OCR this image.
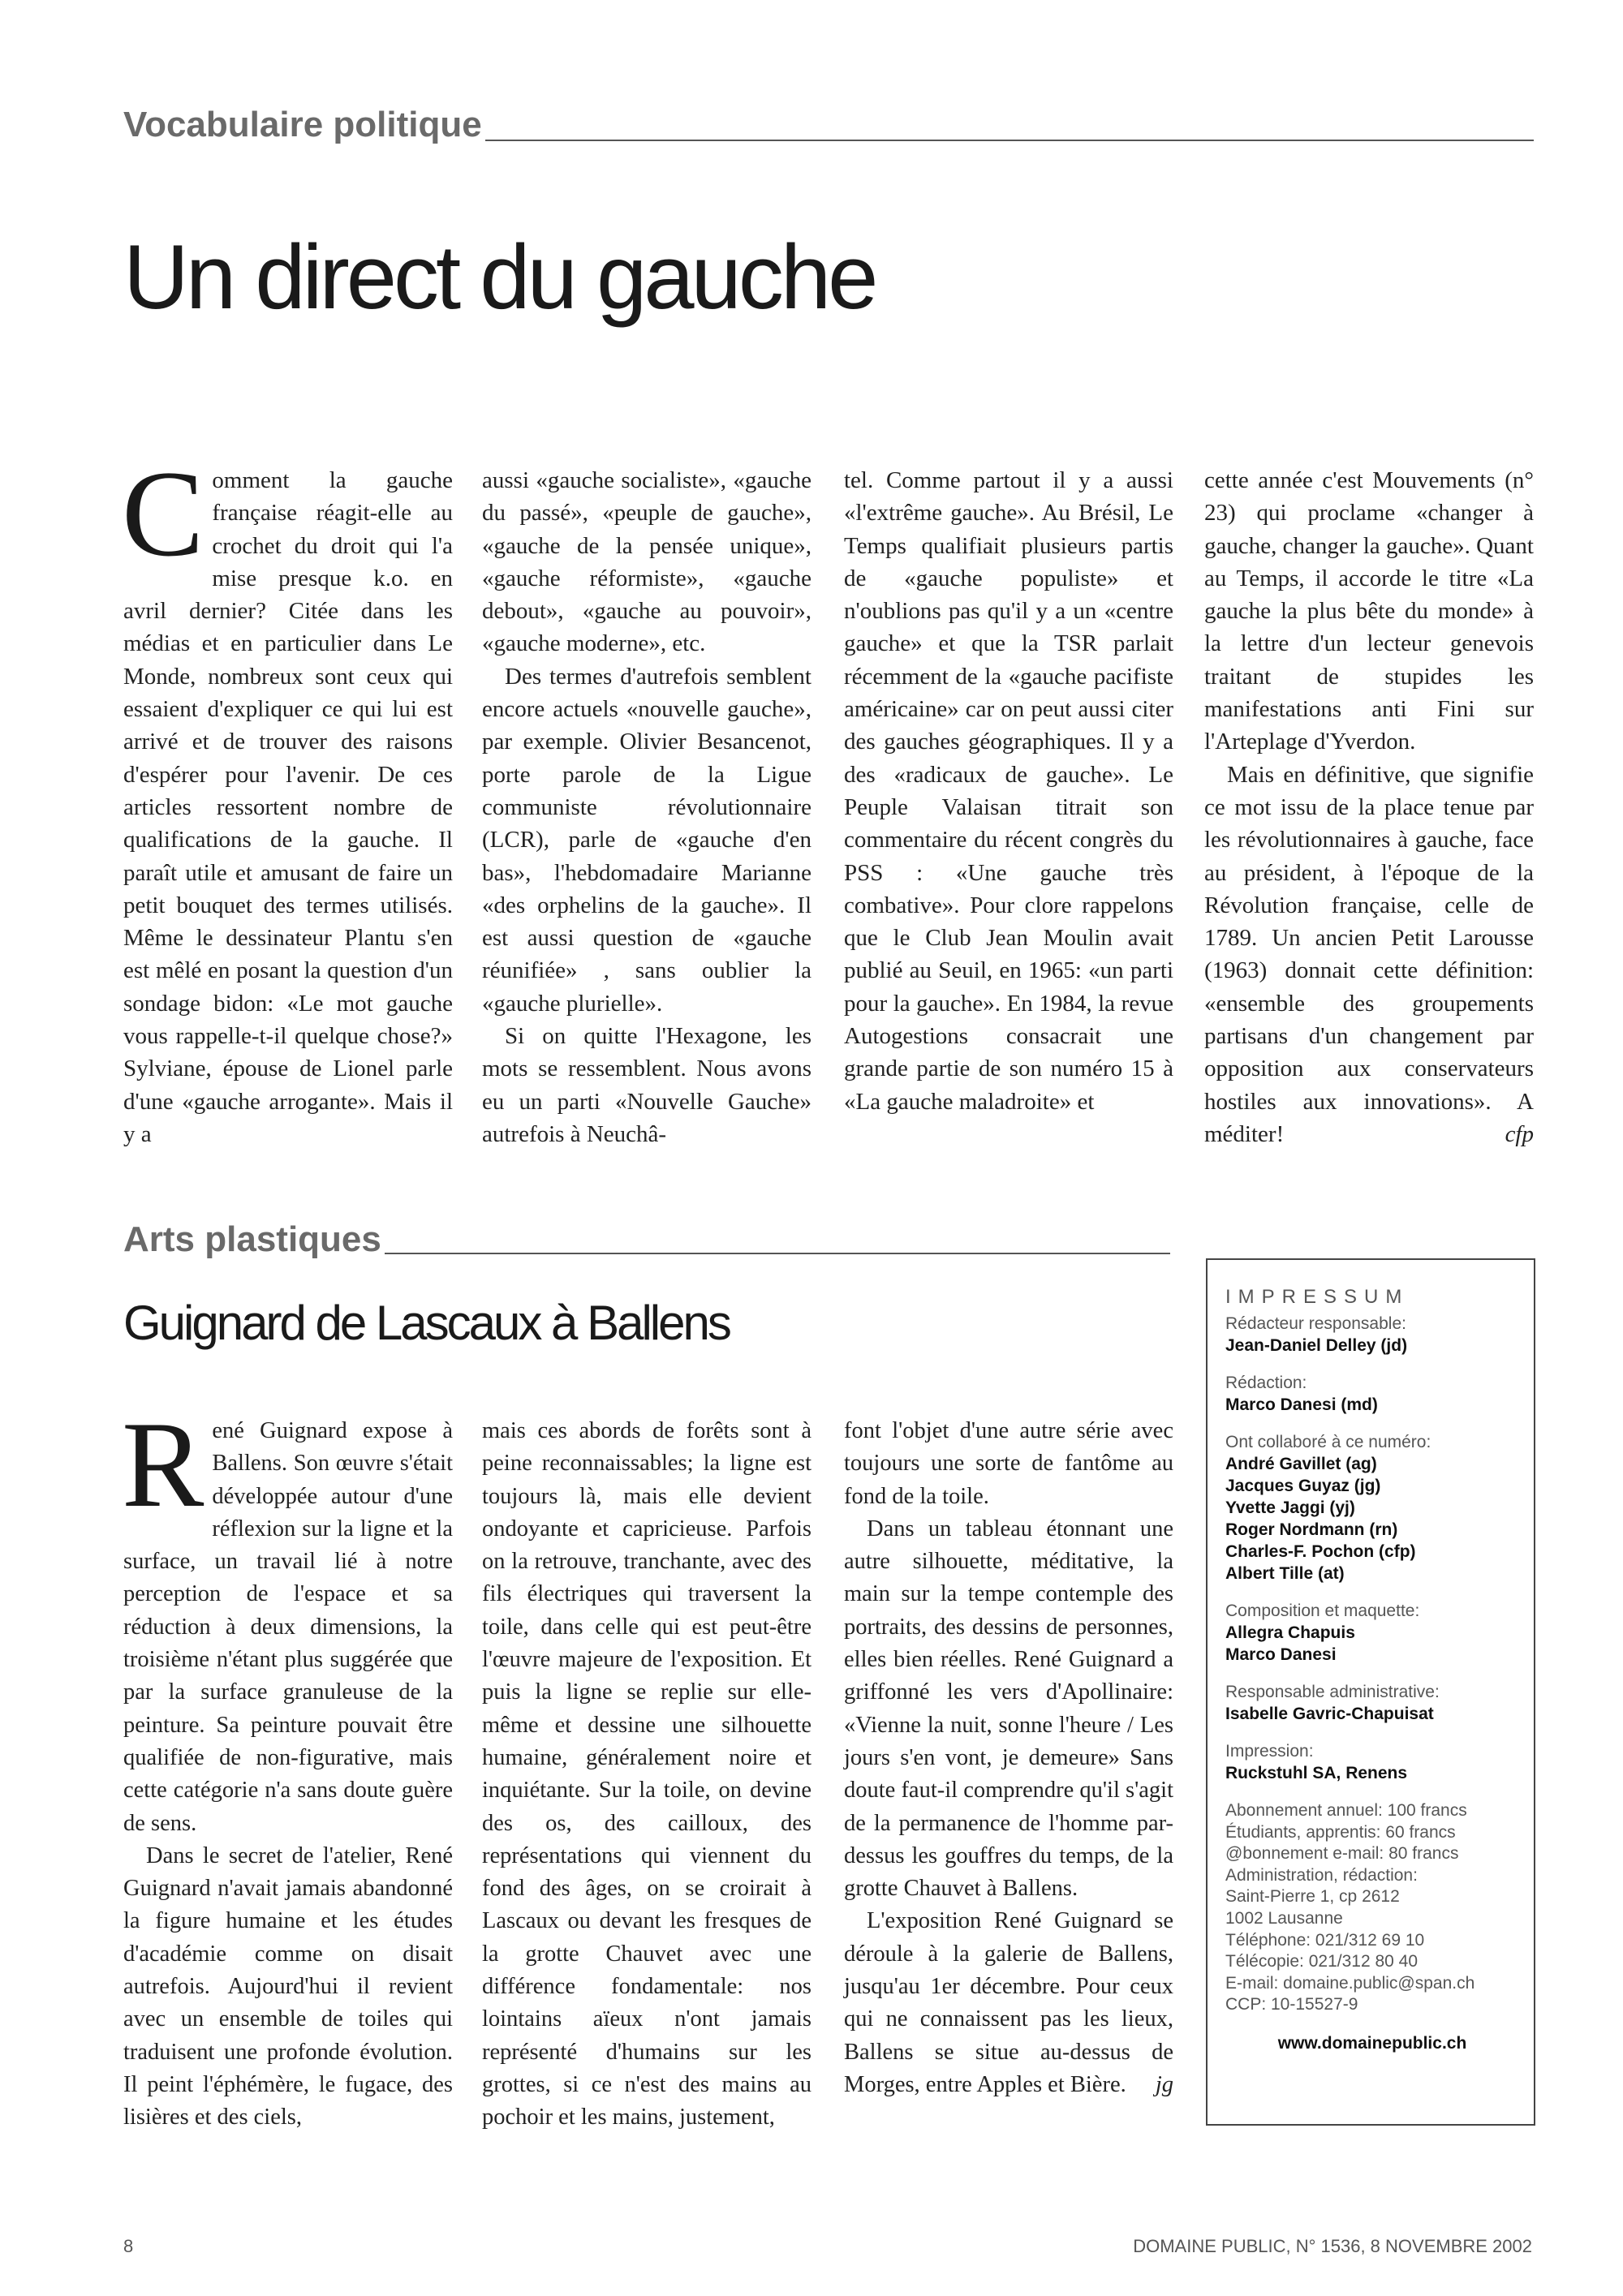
Vocabulaire politique
Un direct du gauche
C omment la gauche française réagit-elle au crochet du droit qui l'a mise presque k.o. en avril dernier? Citée dans les médias et en particulier dans Le Monde, nombreux sont ceux qui essaient d'expliquer ce qui lui est arrivé et de trouver des raisons d'espérer pour l'avenir. De ces articles ressortent nombre de qualifications de la gauche. Il paraît utile et amusant de faire un petit bouquet des termes utilisés. Même le dessinateur Plantu s'en est mêlé en posant la question d'un sondage bidon: «Le mot gauche vous rappelle-t-il quelque chose?» Sylviane, épouse de Lionel parle d'une «gauche arrogante». Mais il y a

aussi «gauche socialiste», «gauche du passé», «peuple de gauche», «gauche de la pensée unique», «gauche réformiste», «gauche debout», «gauche au pouvoir», «gauche moderne», etc.

Des termes d'autrefois semblent encore actuels «nouvelle gauche», par exemple. Olivier Besancenot, porte parole de la Ligue communiste révolutionnaire (LCR), parle de «gauche d'en bas», l'hebdomadaire Marianne «des orphelins de la gauche». Il est aussi question de «gauche réunifiée» , sans oublier la «gauche plurielle».

Si on quitte l'Hexagone, les mots se ressemblent. Nous avons eu un parti «Nouvelle Gauche» autrefois à Neuchâ-

tel. Comme partout il y a aussi «l'extrême gauche». Au Brésil, Le Temps qualifiait plusieurs partis de «gauche populiste» et n'oublions pas qu'il y a un «centre gauche» et que la TSR parlait récemment de la «gauche pacifiste américaine» car on peut aussi citer des gauches géographiques. Il y a des «radicaux de gauche». Le Peuple Valaisan titrait son commentaire du récent congrès du PSS : «Une gauche très combative». Pour clore rappelons que le Club Jean Moulin avait publié au Seuil, en 1965: «un parti pour la gauche». En 1984, la revue Autogestions consacrait une grande partie de son numéro 15 à «La gauche maladroite» et

cette année c'est Mouvements (n° 23) qui proclame «changer à gauche, changer la gauche». Quant au Temps, il accorde le titre «La gauche la plus bête du monde» à la lettre d'un lecteur genevois traitant de stupides les manifestations anti Fini sur l'Arteplage d'Yverdon.

Mais en définitive, que signifie ce mot issu de la place tenue par les révolutionnaires à gauche, face au président, à l'époque de la Révolution française, celle de 1789. Un ancien Petit Larousse (1963) donnait cette définition: «ensemble des groupements partisans d'un changement par opposition aux conservateurs hostiles aux innovations». A méditer!	cfp

Arts plastiques
Guignard de Lascaux à Ballens
R ené Guignard expose à Ballens. Son œuvre s'était développée autour d'une réflexion sur la ligne et la surface, un travail lié à notre perception de l'espace et sa réduction à deux dimensions, la troisième n'étant plus suggérée que par la surface granuleuse de la peinture. Sa peinture pouvait être qualifiée de non-figurative, mais cette catégorie n'a sans doute guère de sens.

Dans le secret de l'atelier, René Guignard n'avait jamais abandonné la figure humaine et les études d'académie comme on disait autrefois. Aujourd'hui il revient avec un ensemble de toiles qui traduisent une profonde évolution. Il peint l'éphémère, le fugace, des lisières et des ciels,

mais ces abords de forêts sont à peine reconnaissables; la ligne est toujours là, mais elle devient ondoyante et capricieuse. Parfois on la retrouve, tranchante, avec des fils électriques qui traversent la toile, dans celle qui est peut-être l'œuvre majeure de l'exposition. Et puis la ligne se replie sur elle-même et dessine une silhouette humaine, généralement noire et inquiétante. Sur la toile, on devine des os, des cailloux, des représentations qui viennent du fond des âges, on se croirait à Lascaux ou devant les fresques de la grotte Chauvet avec une différence fondamentale: nos lointains aïeux n'ont jamais représenté d'humains sur les grottes, si ce n'est des mains au pochoir et les mains, justement,

font l'objet d'une autre série avec toujours une sorte de fantôme au fond de la toile.

Dans un tableau étonnant une autre silhouette, méditative, la main sur la tempe contemple des portraits, des dessins de personnes, elles bien réelles. René Guignard a griffonné les vers d'Apollinaire: «Vienne la nuit, sonne l'heure / Les jours s'en vont, je demeure» Sans doute faut-il comprendre qu'il s'agit de la permanence de l'homme par-dessus les gouffres du temps, de la grotte Chauvet à Ballens.

L'exposition René Guignard se déroule à la galerie de Ballens, jusqu'au 1er décembre. Pour ceux qui ne connaissent pas les lieux, Ballens se situe au-dessus de Morges, entre Apples et Bière.	jg

IMPRESSUM
Rédacteur responsable:
Jean-Daniel Delley (jd)
Rédaction:
Marco Danesi (md)
Ont collaboré à ce numéro:
André Gavillet (ag)
Jacques Guyaz (jg)
Yvette Jaggi (yj)
Roger Nordmann (rn)
Charles-F. Pochon (cfp)
Albert Tille (at)
Composition et maquette:
Allegra Chapuis
Marco Danesi
Responsable administrative:
Isabelle Gavric-Chapuisat
Impression:
Ruckstuhl SA, Renens
Abonnement annuel: 100 francs
Étudiants, apprentis: 60 francs
@bonnement e-mail: 80 francs
Administration, rédaction:
Saint-Pierre 1, cp 2612
1002 Lausanne
Téléphone: 021/312 69 10
Télécopie: 021/312 80 40
E-mail: domaine.public@span.ch
CCP: 10-15527-9
www.domainepublic.ch
8	DOMAINE PUBLIC, N° 1536, 8 NOVEMBRE 2002
